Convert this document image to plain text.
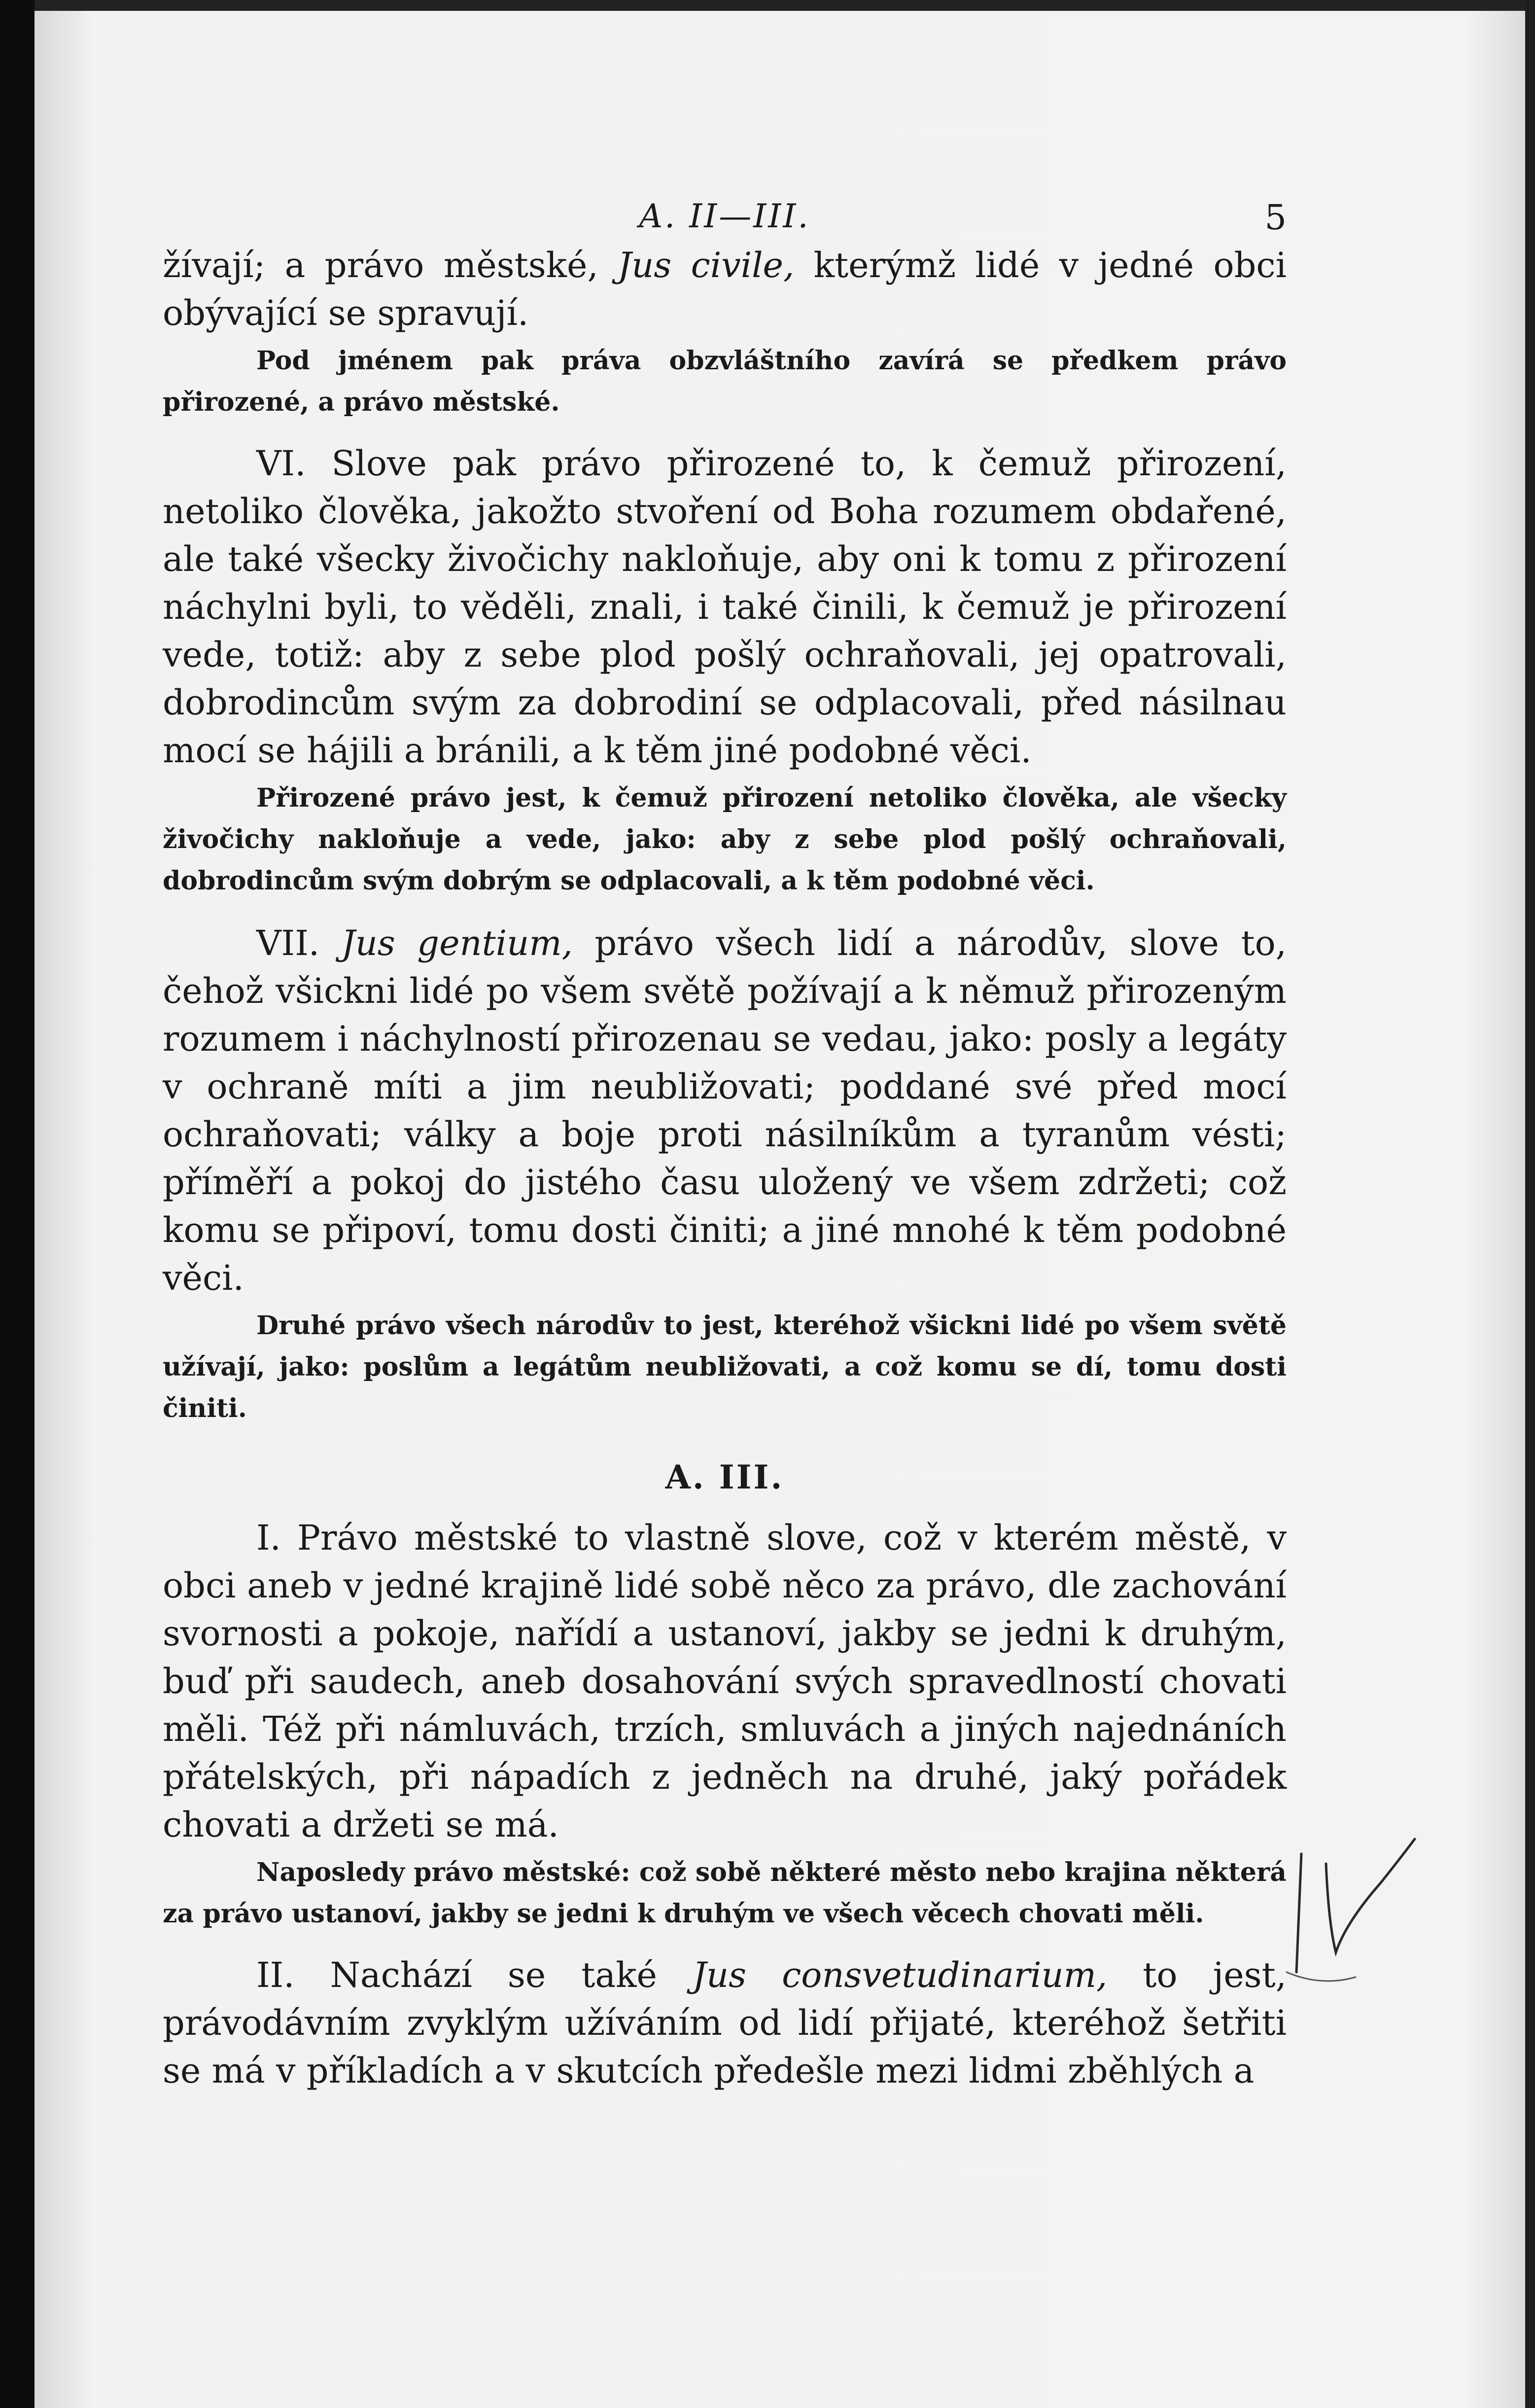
A. II—III.	5

žívají; a právo městské, Jus civile, kterýmž lidé v jedné obci obývající se spravují.

Pod jménem pak práva obzvláštního zavírá se předkem právo přirozené, a právo městské.

VI. Slove pak právo přirozené to, k čemuž přirození, netoliko člověka, jakožto stvoření od Boha rozumem obdařené, ale také všecky živočichy nakloňuje, aby oni k tomu z přirození náchylni byli, to věděli, znali, i také činili, k čemuž je přirození vede, totiž: aby z sebe plod pošlý ochraňovali, jej opatrovali, dobrodincům svým za dobrodiní se odplacovali, před násilnau mocí se hájili a bránili, a k těm jiné podobné věci.

Přirozené právo jest, k čemuž přirození netoliko člověka, ale všecky živočichy nakloňuje a vede, jako: aby z sebe plod pošlý ochraňovali, dobrodincům svým dobrým se odplacovali, a k těm podobné věci.

VII. Jus gentium, právo všech lidí a národův, slove to, čehož všickni lidé po všem světě požívají a k němuž přirozeným rozumem i náchylností přirozenau se vedau, jako: posly a legáty v ochraně míti a jim neubližovati; poddané své před mocí ochraňovati; války a boje proti násilníkům a tyranům vésti; příměří a pokoj do jistého času uložený ve všem zdržeti; což komu se připoví, tomu dosti činiti; a jiné mnohé k těm podobné věci.

Druhé právo všech národův to jest, kteréhož všickni lidé po všem světě užívají, jako: poslům a legátům neubližovati, a což komu se dí, tomu dosti činiti.

A. III.

I. Právo městské to vlastně slove, což v kterém městě, v obci aneb v jedné krajině lidé sobě něco za právo, dle zachování svornosti a pokoje, nařídí a ustanoví, jakby se jedni k druhým, buď při saudech, aneb dosahování svých spravedlností chovati měli. Též při námluvách, trzích, smluvách a jiných najednáních přátelských, při nápadích z jedněch na druhé, jaký pořádek chovati a držeti se má.

Naposledy právo městské: což sobě některé město nebo krajina některá za právo ustanoví, jakby se jedni k druhým ve všech věcech chovati měli.

II. Nachází se také Jus consvetudinarium, to jest, právodávním zvyklým užíváním od lidí přijaté, kteréhož šetřiti se má v příkladích a v skutcích předešle mezi lidmi zběhlých a
